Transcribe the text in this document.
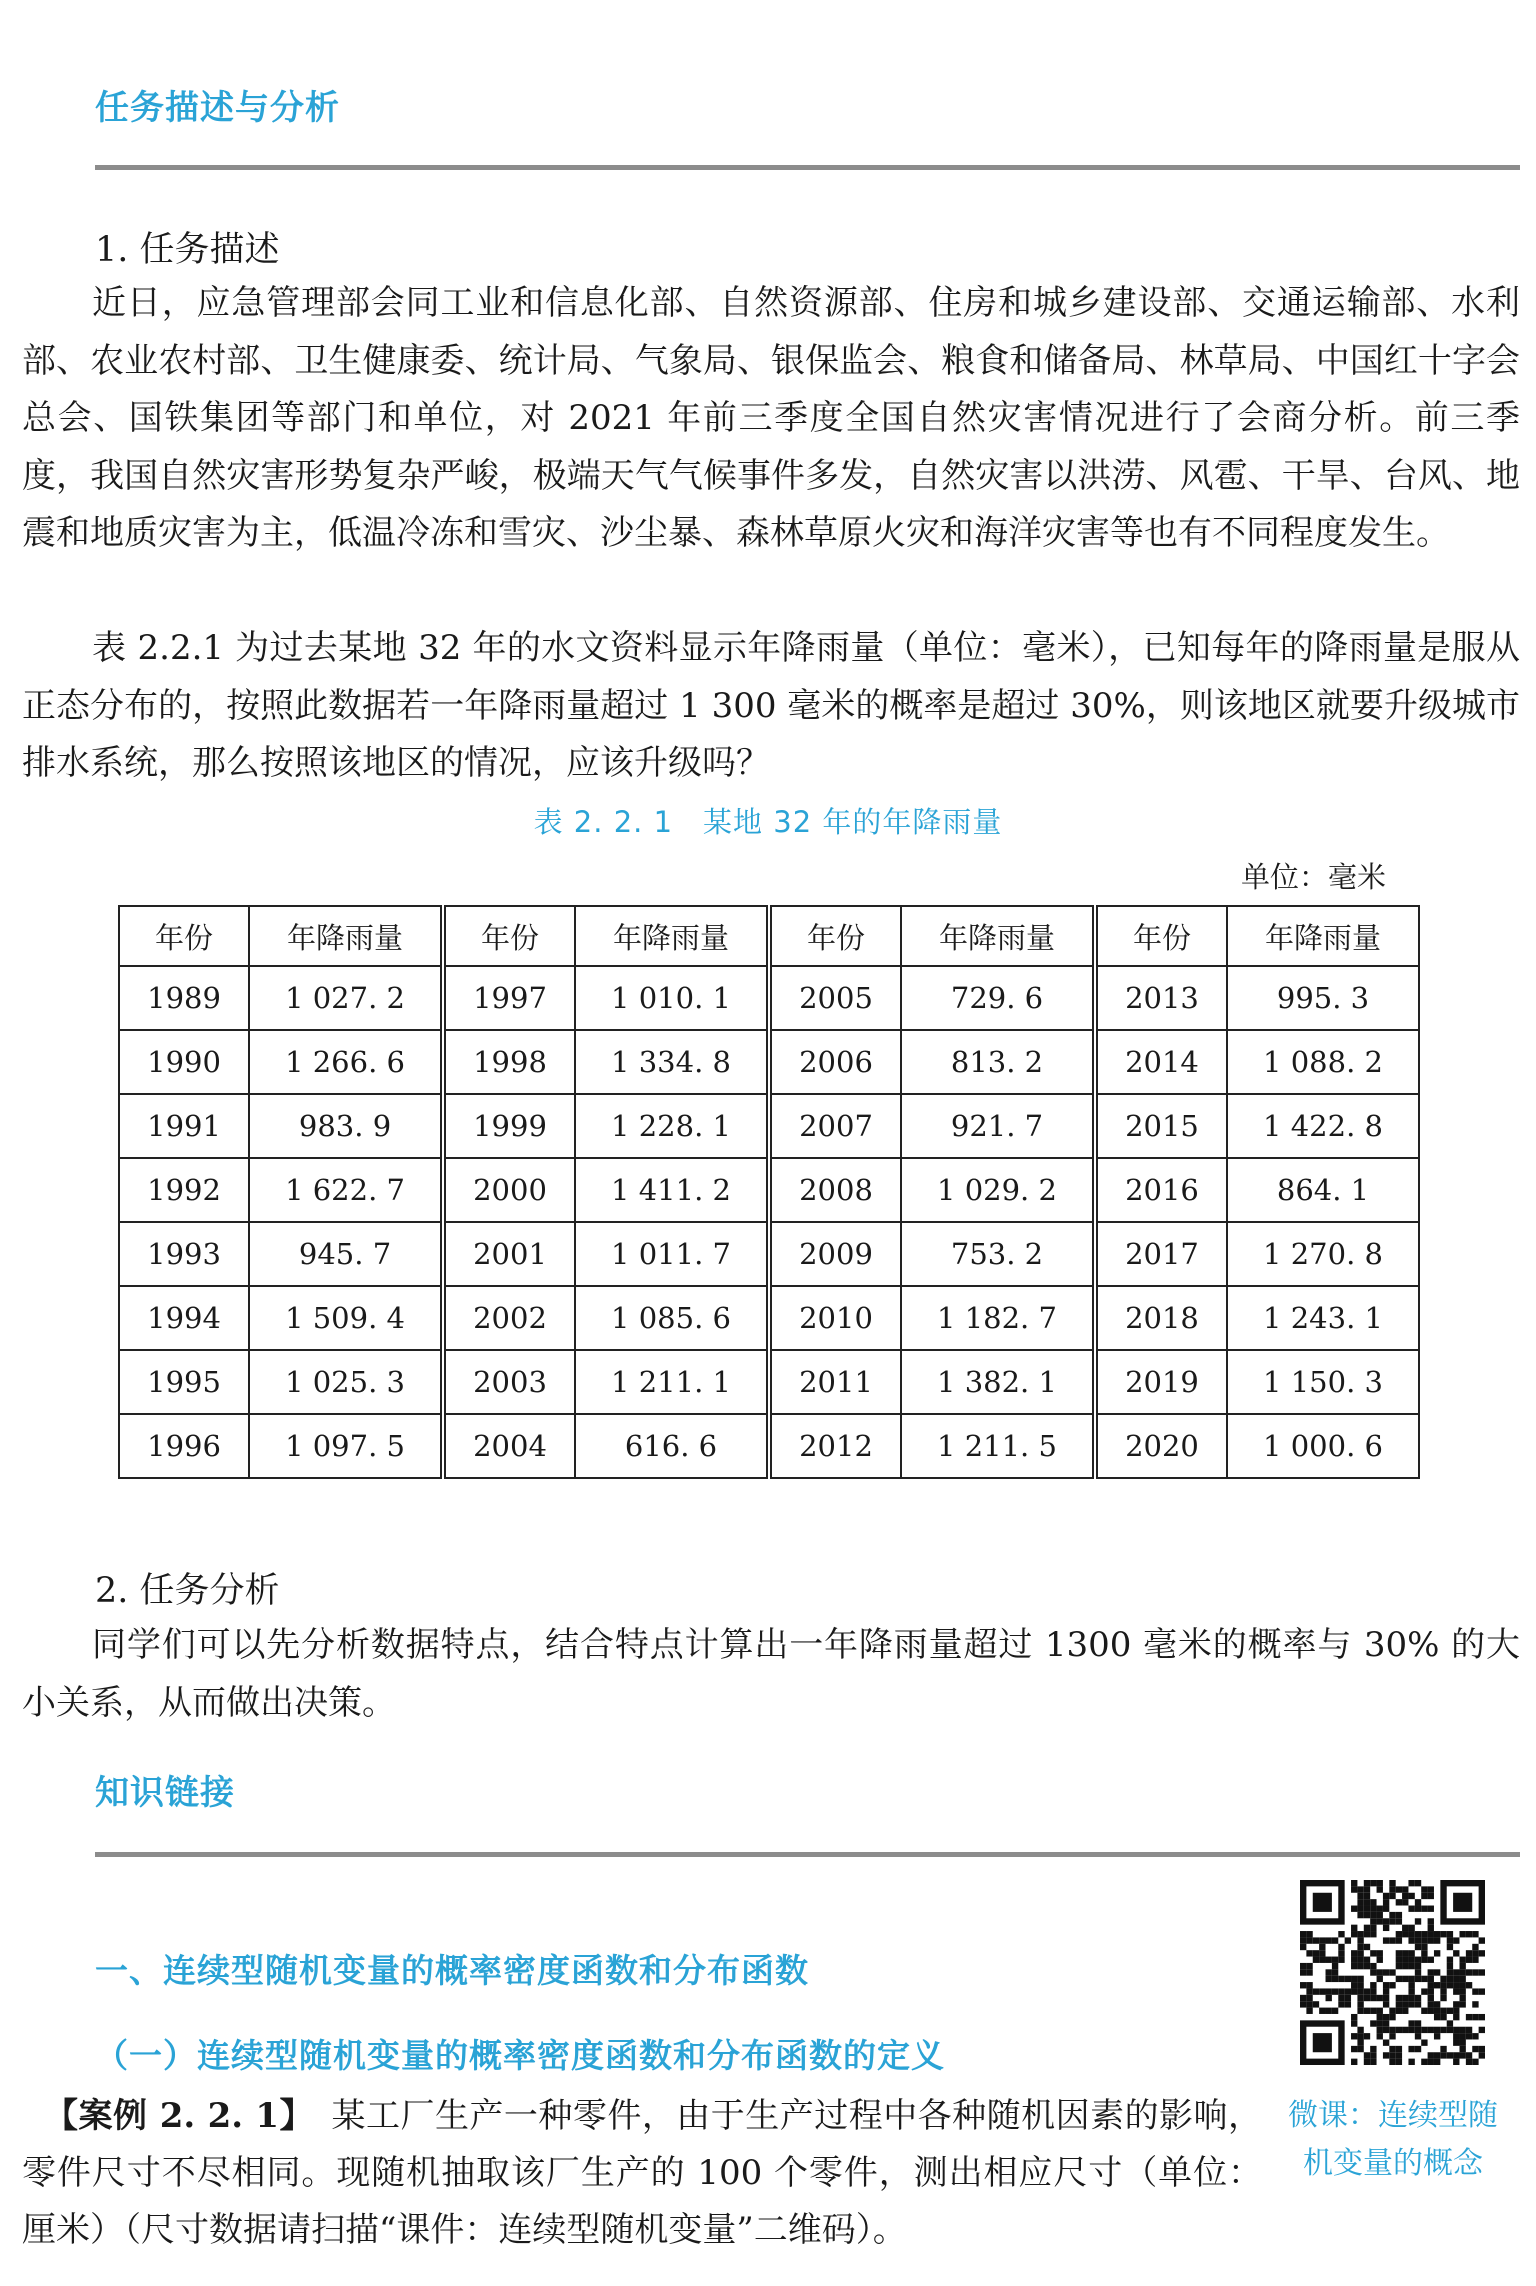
任务描述与分析
1. 任务描述
近日，应急管理部会同工业和信息化部、自然资源部、住房和城乡建设部、交通运输部、水利部、农业农村部、卫生健康委、统计局、气象局、银保监会、粮食和储备局、林草局、中国红十字会总会、国铁集团等部门和单位，对 2021 年前三季度全国自然灾害情况进行了会商分析。前三季度，我国自然灾害形势复杂严峻，极端天气气候事件多发，自然灾害以洪涝、风雹、干旱、台风、地震和地质灾害为主，低温冷冻和雪灾、沙尘暴、森林草原火灾和海洋灾害等也有不同程度发生。
表 2.2.1 为过去某地 32 年的水文资料显示年降雨量（单位：毫米），已知每年的降雨量是服从正态分布的，按照此数据若一年降雨量超过 1 300 毫米的概率是超过 30%，则该地区就要升级城市排水系统，那么按照该地区的情况，应该升级吗？
表 2. 2. 1　某地 32 年的年降雨量
单位：毫米
年份	年降雨量	年份	年降雨量	年份	年降雨量	年份	年降雨量
1989	1 027. 2	1997	1 010. 1	2005	729. 6	2013	995. 3
1990	1 266. 6	1998	1 334. 8	2006	813. 2	2014	1 088. 2
1991	983. 9	1999	1 228. 1	2007	921. 7	2015	1 422. 8
1992	1 622. 7	2000	1 411. 2	2008	1 029. 2	2016	864. 1
1993	945. 7	2001	1 011. 7	2009	753. 2	2017	1 270. 8
1994	1 509. 4	2002	1 085. 6	2010	1 182. 7	2018	1 243. 1
1995	1 025. 3	2003	1 211. 1	2011	1 382. 1	2019	1 150. 3
1996	1 097. 5	2004	616. 6	2012	1 211. 5	2020	1 000. 6
2. 任务分析
同学们可以先分析数据特点，结合特点计算出一年降雨量超过 1300 毫米的概率与 30% 的大小关系，从而做出决策。
知识链接
一、连续型随机变量的概率密度函数和分布函数
（一）连续型随机变量的概率密度函数和分布函数的定义
【案例 2. 2. 1】　某工厂生产一种零件，由于生产过程中各种随机因素的影响，零件尺寸不尽相同。现随机抽取该厂生产的 100 个零件，测出相应尺寸（单位：厘米）（尺寸数据请扫描“课件：连续型随机变量”二维码）。
微课：连续型随机变量的概念
